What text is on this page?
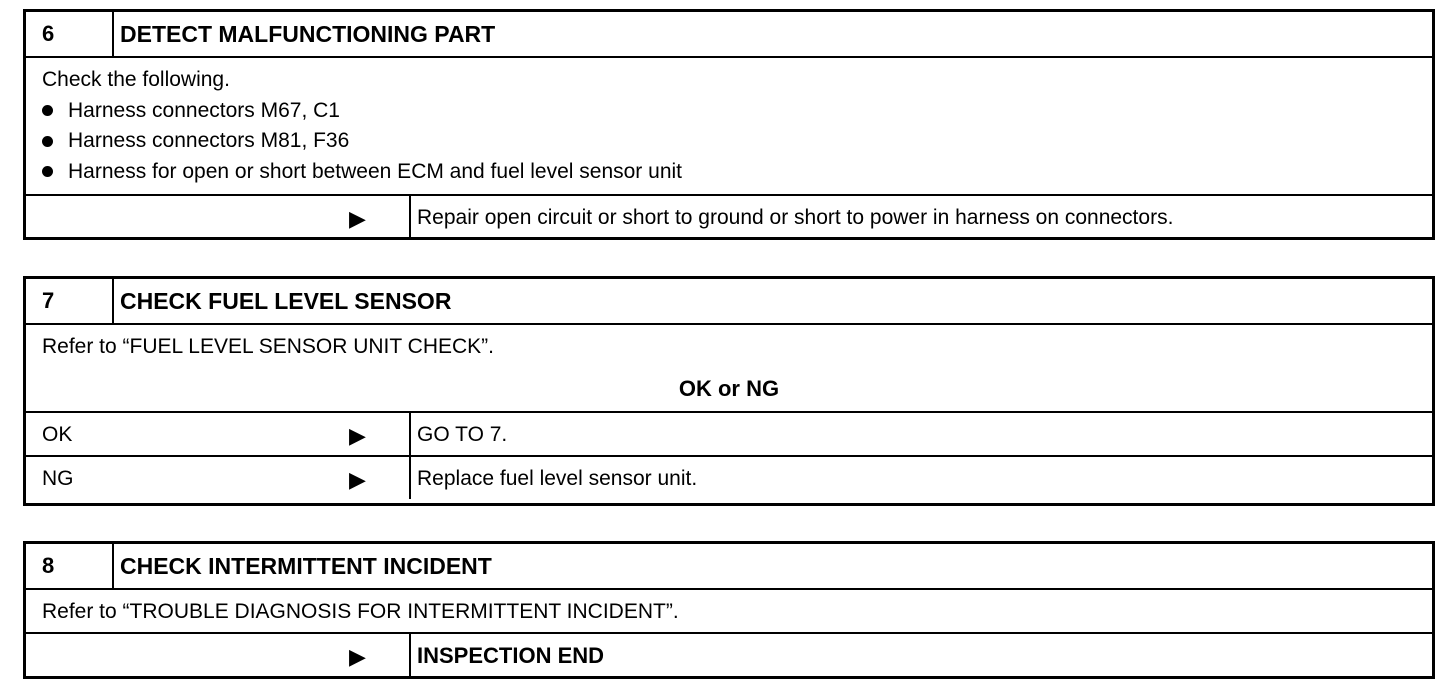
6	DETECT MALFUNCTIONING PART
Check the following.
Harness connectors M67, C1
Harness connectors M81, F36
Harness for open or short between ECM and fuel level sensor unit
▶ Repair open circuit or short to ground or short to power in harness on connectors.
7	CHECK FUEL LEVEL SENSOR
Refer to “FUEL LEVEL SENSOR UNIT CHECK”.
OK or NG
OK	▶ GO TO 7.
NG	▶ Replace fuel level sensor unit.
8	CHECK INTERMITTENT INCIDENT
Refer to “TROUBLE DIAGNOSIS FOR INTERMITTENT INCIDENT”.
▶ INSPECTION END
